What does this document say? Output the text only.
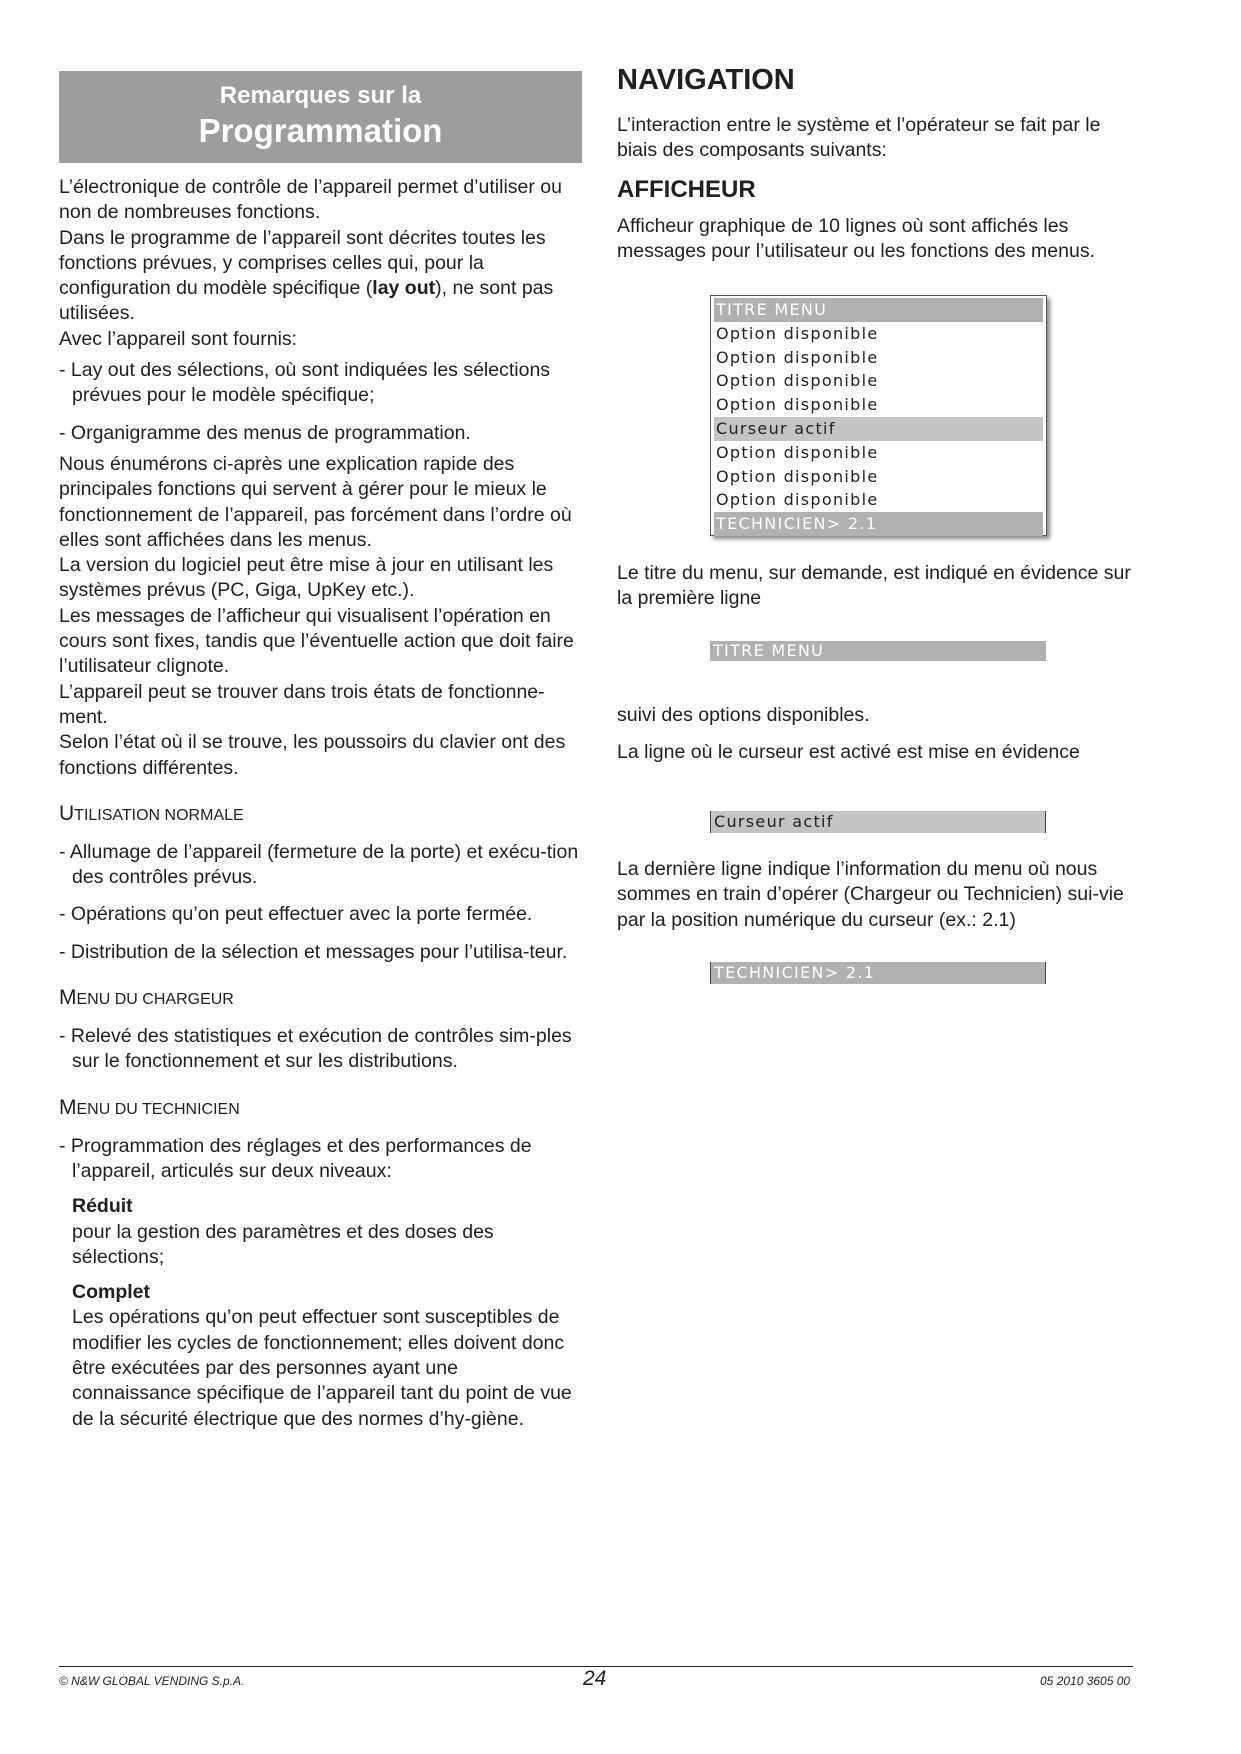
Remarques sur la
Programmation

L’électronique de contrôle de l’appareil permet d’utiliser ou non de nombreuses fonctions.

Dans le programme de l’appareil sont décrites toutes les fonctions prévues, y comprises celles qui, pour la configuration du modèle spécifique (lay out), ne sont pas utilisées.

Avec l’appareil sont fournis:

- Lay out des sélections, où sont indiquées les sélections prévues pour le modèle spécifique;

- Organigramme des menus de programmation.

Nous énumérons ci-après une explication rapide des principales fonctions qui servent à gérer pour le mieux le fonctionnement de l’appareil, pas forcément dans l’ordre où elles sont affichées dans les menus.

La version du logiciel peut être mise à jour en utilisant les systèmes prévus (PC, Giga, UpKey etc.).

Les messages de l’afficheur qui visualisent l’opération en cours sont fixes, tandis que l’éventuelle action que doit faire l’utilisateur clignote.

L’appareil peut se trouver dans trois états de fonctionne-ment.

Selon l’état où il se trouve, les poussoirs du clavier ont des fonctions différentes.

UTILISATION NORMALE

- Allumage de l’appareil (fermeture de la porte) et exécu-tion des contrôles prévus.

- Opérations qu’on peut effectuer avec la porte fermée.

- Distribution de la sélection et messages pour l’utilisa-teur.

MENU DU CHARGEUR

- Relevé des statistiques et exécution de contrôles sim-ples sur le fonctionnement et sur les distributions.

MENU DU TECHNICIEN

- Programmation des réglages et des performances de l’appareil, articulés sur deux niveaux:

Réduit

pour la gestion des paramètres et des doses des sélections;

Complet

Les opérations qu’on peut effectuer sont susceptibles de modifier les cycles de fonctionnement; elles doivent donc être exécutées par des personnes ayant une connaissance spécifique de l’appareil tant du point de vue de la sécurité électrique que des normes d’hy-giène.

NAVIGATION

L’interaction entre le système et l’opérateur se fait par le biais des composants suivants:

AFFICHEUR

Afficheur graphique de 10 lignes où sont affichés les messages pour l’utilisateur ou les fonctions des menus.

TITRE MENU
Option disponible
Option disponible
Option disponible
Option disponible
Curseur actif
Option disponible
Option disponible
Option disponible
TECHNICIEN> 2.1

Le titre du menu, sur demande, est indiqué en évidence sur la première ligne

TITRE MENU

suivi des options disponibles.

La ligne où le curseur est activé est mise en évidence

Curseur actif

La dernière ligne indique l’information du menu où nous sommes en train d’opérer (Chargeur ou Technicien) sui-vie par la position numérique du curseur (ex.: 2.1)

TECHNICIEN> 2.1
© N&W GLOBAL VENDING S.p.A.	24	05 2010 3605 00
